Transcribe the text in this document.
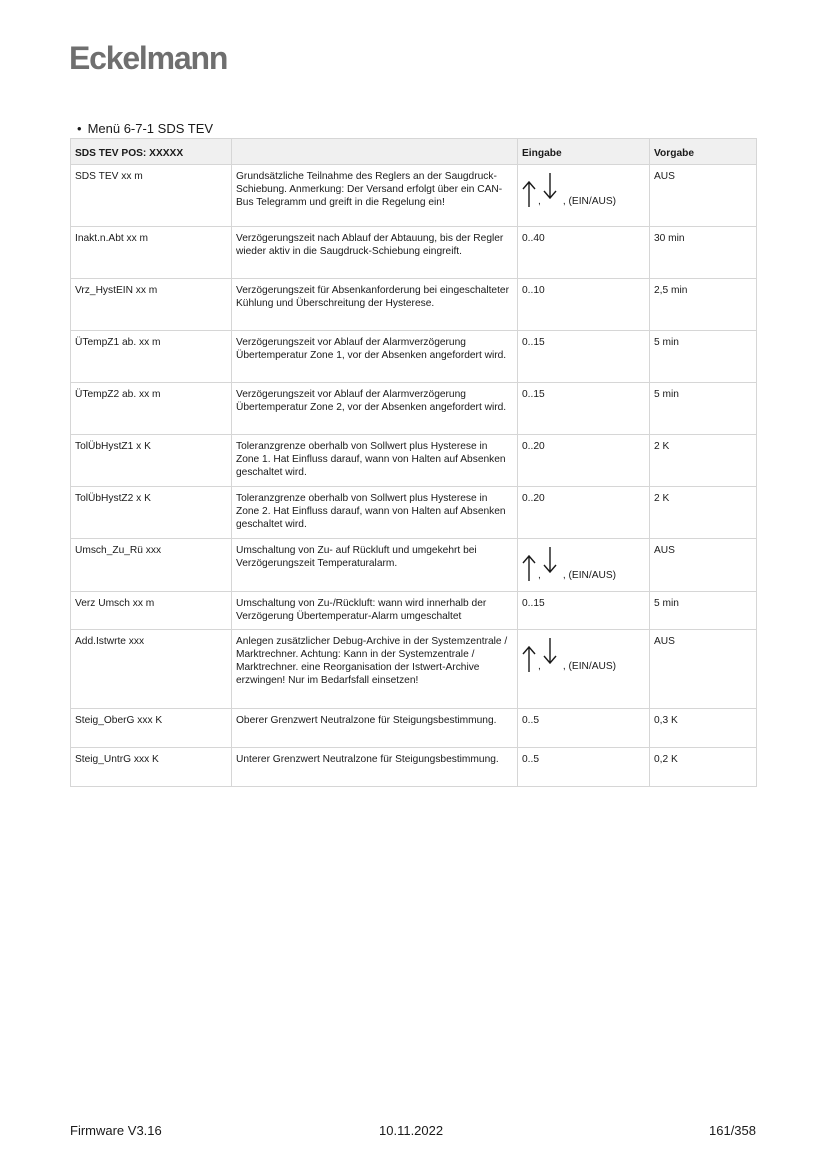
Eckelmann
• Menü 6-7-1 SDS TEV
SDS TEV POS: XXXXX		Eingabe	Vorgabe
SDS TEV xx m	Grundsätzliche Teilnahme des Reglers an der Saugdruck-Schiebung. Anmerkung: Der Versand erfolgt über ein CAN-Bus Telegramm und greift in die Regelung ein!	, , (EIN/AUS)	AUS
Inakt.n.Abt xx m	Verzögerungszeit nach Ablauf der Abtauung, bis der Regler wieder aktiv in die Saugdruck-Schiebung eingreift.	0..40	30 min
Vrz_HystEIN xx m	Verzögerungszeit für Absenkanforderung bei eingeschalteter Kühlung und Überschreitung der Hysterese.	0..10	2,5 min
ÜTempZ1 ab. xx m	Verzögerungszeit vor Ablauf der Alarmverzögerung Übertemperatur Zone 1, vor der Absenken angefordert wird.	0..15	5 min
ÜTempZ2 ab. xx m	Verzögerungszeit vor Ablauf der Alarmverzögerung Übertemperatur Zone 2, vor der Absenken angefordert wird.	0..15	5 min
TolÜbHystZ1 x K	Toleranzgrenze oberhalb von Sollwert plus Hysterese in Zone 1. Hat Einfluss darauf, wann von Halten auf Absenken geschaltet wird.	0..20	2 K
TolÜbHystZ2 x K	Toleranzgrenze oberhalb von Sollwert plus Hysterese in Zone 2. Hat Einfluss darauf, wann von Halten auf Absenken geschaltet wird.	0..20	2 K
Umsch_Zu_Rü xxx	Umschaltung von Zu- auf Rückluft und umgekehrt bei Verzögerungszeit Temperaturalarm.	, , (EIN/AUS)	AUS
Verz Umsch xx m	Umschaltung von Zu-/Rückluft: wann wird innerhalb der Verzögerung Übertemperatur-Alarm umgeschaltet	0..15	5 min
Add.Istwrte xxx	Anlegen zusätzlicher Debug-Archive in der Systemzentrale / Marktrechner. Achtung: Kann in der Systemzentrale / Marktrechner. eine Reorganisation der Istwert-Archive erzwingen! Nur im Bedarfsfall einsetzen!	, , (EIN/AUS)	AUS
Steig_OberG xxx K	Oberer Grenzwert Neutralzone für Steigungsbestimmung.	0..5	0,3 K
Steig_UntrG xxx K	Unterer Grenzwert Neutralzone für Steigungsbestimmung.	0..5	0,2 K
Firmware V3.16	10.11.2022	161/358
